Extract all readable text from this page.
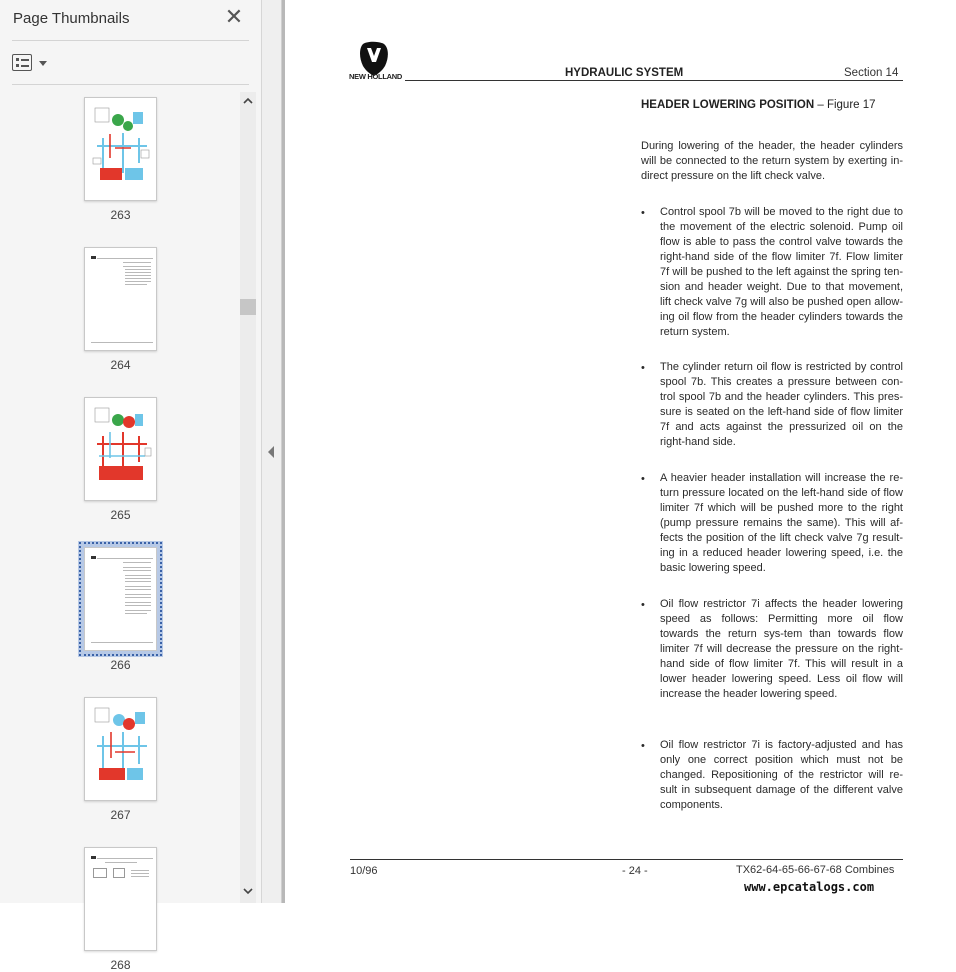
Page Thumbnails	✕
263
264
265
266
267
268
NEW HOLLAND	HYDRAULIC SYSTEM	Section 14
HEADER LOWERING POSITION – Figure 17
During lowering of the header, the header cylinders will be connected to the return system by exerting in-direct pressure on the lift check valve.
• Control spool 7b will be moved to the right due to the movement of the electric solenoid. Pump oil flow is able to pass the control valve towards the right-hand side of the flow limiter 7f. Flow limiter 7f will be pushed to the left against the spring ten-sion and header weight. Due to that movement, lift check valve 7g will also be pushed open allow-ing oil flow from the header cylinders towards the return system.
• The cylinder return oil flow is restricted by control spool 7b. This creates a pressure between con-trol spool 7b and the header cylinders. This pres-sure is seated on the left-hand side of flow limiter 7f and acts against the pressurized oil on the right-hand side.
• A heavier header installation will increase the re-turn pressure located on the left-hand side of flow limiter 7f which will be pushed more to the right (pump pressure remains the same). This will af-fects the position of the lift check valve 7g result-ing in a reduced header lowering speed, i.e. the basic lowering speed.
• Oil flow restrictor 7i affects the header lowering speed as follows: Permitting more oil flow towards the return sys-tem than towards flow limiter 7f will decrease the pressure on the right-hand side of flow limiter 7f. This will result in a lower header lowering speed. Less oil flow will increase the header lowering speed.
• Oil flow restrictor 7i is factory-adjusted and has only one correct position which must not be changed. Repositioning of the restrictor will re-sult in subsequent damage of the different valve components.
10/96	- 24 -	TX62-64-65-66-67-68 Combines
www.epcatalogs.com
